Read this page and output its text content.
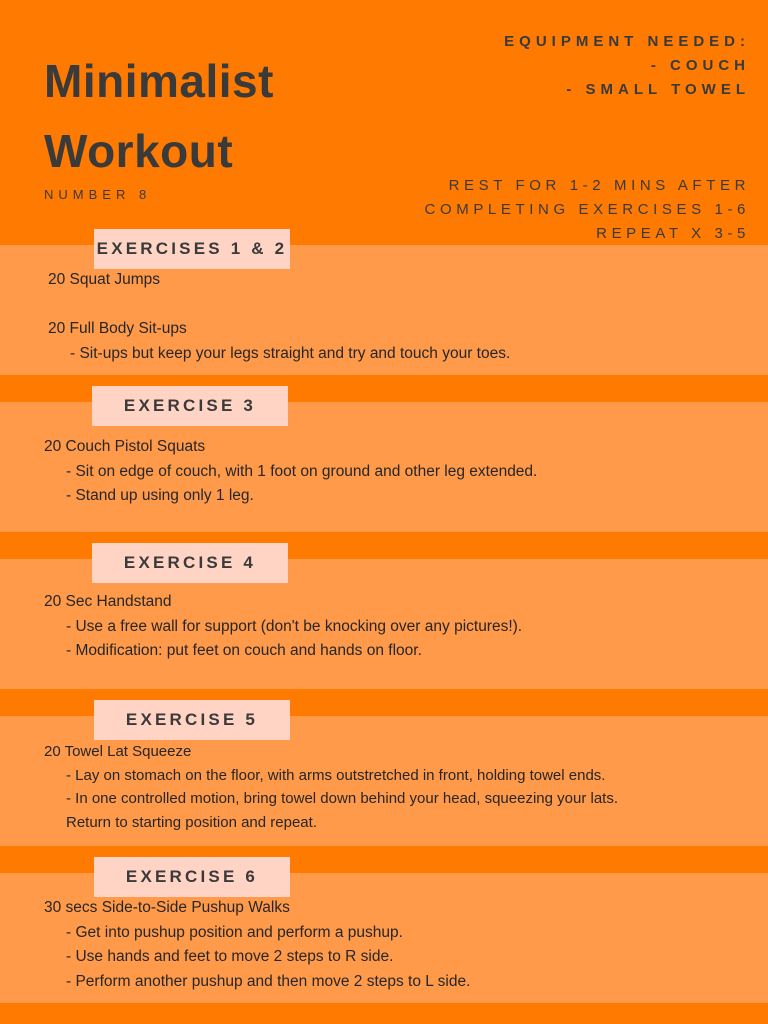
Minimalist
Workout
NUMBER 8
EQUIPMENT NEEDED:
- COUCH
- SMALL TOWEL
REST FOR 1-2 MINS AFTER
COMPLETING EXERCISES 1-6
REPEAT X 3-5
EXERCISES 1 & 2
20 Squat Jumps
20 Full Body Sit-ups
- Sit-ups but keep your legs straight and try and touch your toes.
EXERCISE 3
20 Couch Pistol Squats
- Sit on edge of couch, with 1 foot on ground and other leg extended.
- Stand up using only 1 leg.
EXERCISE 4
20 Sec Handstand
- Use a free wall for support (don't be knocking over any pictures!).
- Modification: put feet on couch and hands on floor.
EXERCISE 5
20 Towel Lat Squeeze
- Lay on stomach on the floor, with arms outstretched in front, holding towel ends.
- In one controlled motion, bring towel down behind your head, squeezing your lats.
Return to starting position and repeat.
EXERCISE 6
30 secs Side-to-Side Pushup Walks
- Get into pushup position and perform a pushup.
- Use hands and feet to move 2 steps to R side.
- Perform another pushup and then move 2 steps to L side.
